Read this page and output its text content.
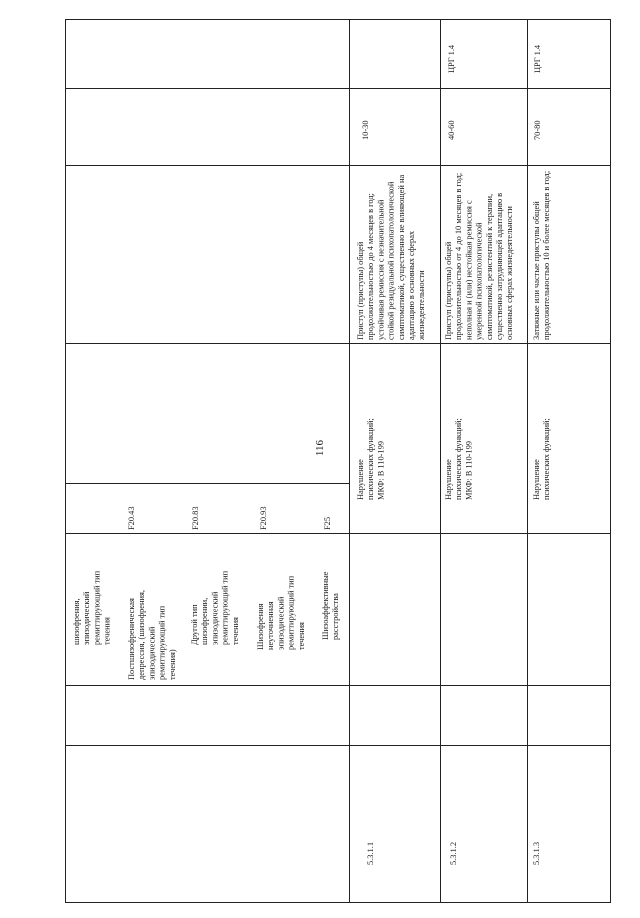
116
шизофрения,
эпизодический
ремиттирующий тип
течения Постшизофреническая
депрессия, (шизофрения,
эпизодический
ремиттирующий тип
течения)
F20.43
Другой тип
шизофрении,
эпизодический
ремиттирующий тип
течения
F20.83
Шизофрения
неуточненная
эпизодический
ремиттирующий тип
течения
F20.93
Шизоаффективные
расстройства
F25
5.3.1.1
Нарушение
психических функций;
МКФ: В 110-199
Приступ (приступы) общей
продолжительностью до 4 месяцев в год;
устойчивая ремиссия с незначительной
стойкой резидуальной психопатологической
симптоматикой, существенно не влияющей на
адаптацию в основных сферах
жизнедеятельности
10-30
5.3.1.2
Нарушение
психических функций;
МКФ: В 110-199
Приступ (приступы) общей
продолжительностью от 4 до 10 месяцев в год;
неполная и (или) нестойкая ремиссия с
умеренной психопатологической
симптоматикой, резистентной к терапии,
существенно затрудняющей адаптацию в
основных сферах жизнедеятельности
40-60
ЦРГ 1.4
5.3.1.3
Нарушение
психических функций;
Затяжные или частые приступы общей
продолжительностью 10 и более месяцев в год;
70-80
ЦРГ 1.4
